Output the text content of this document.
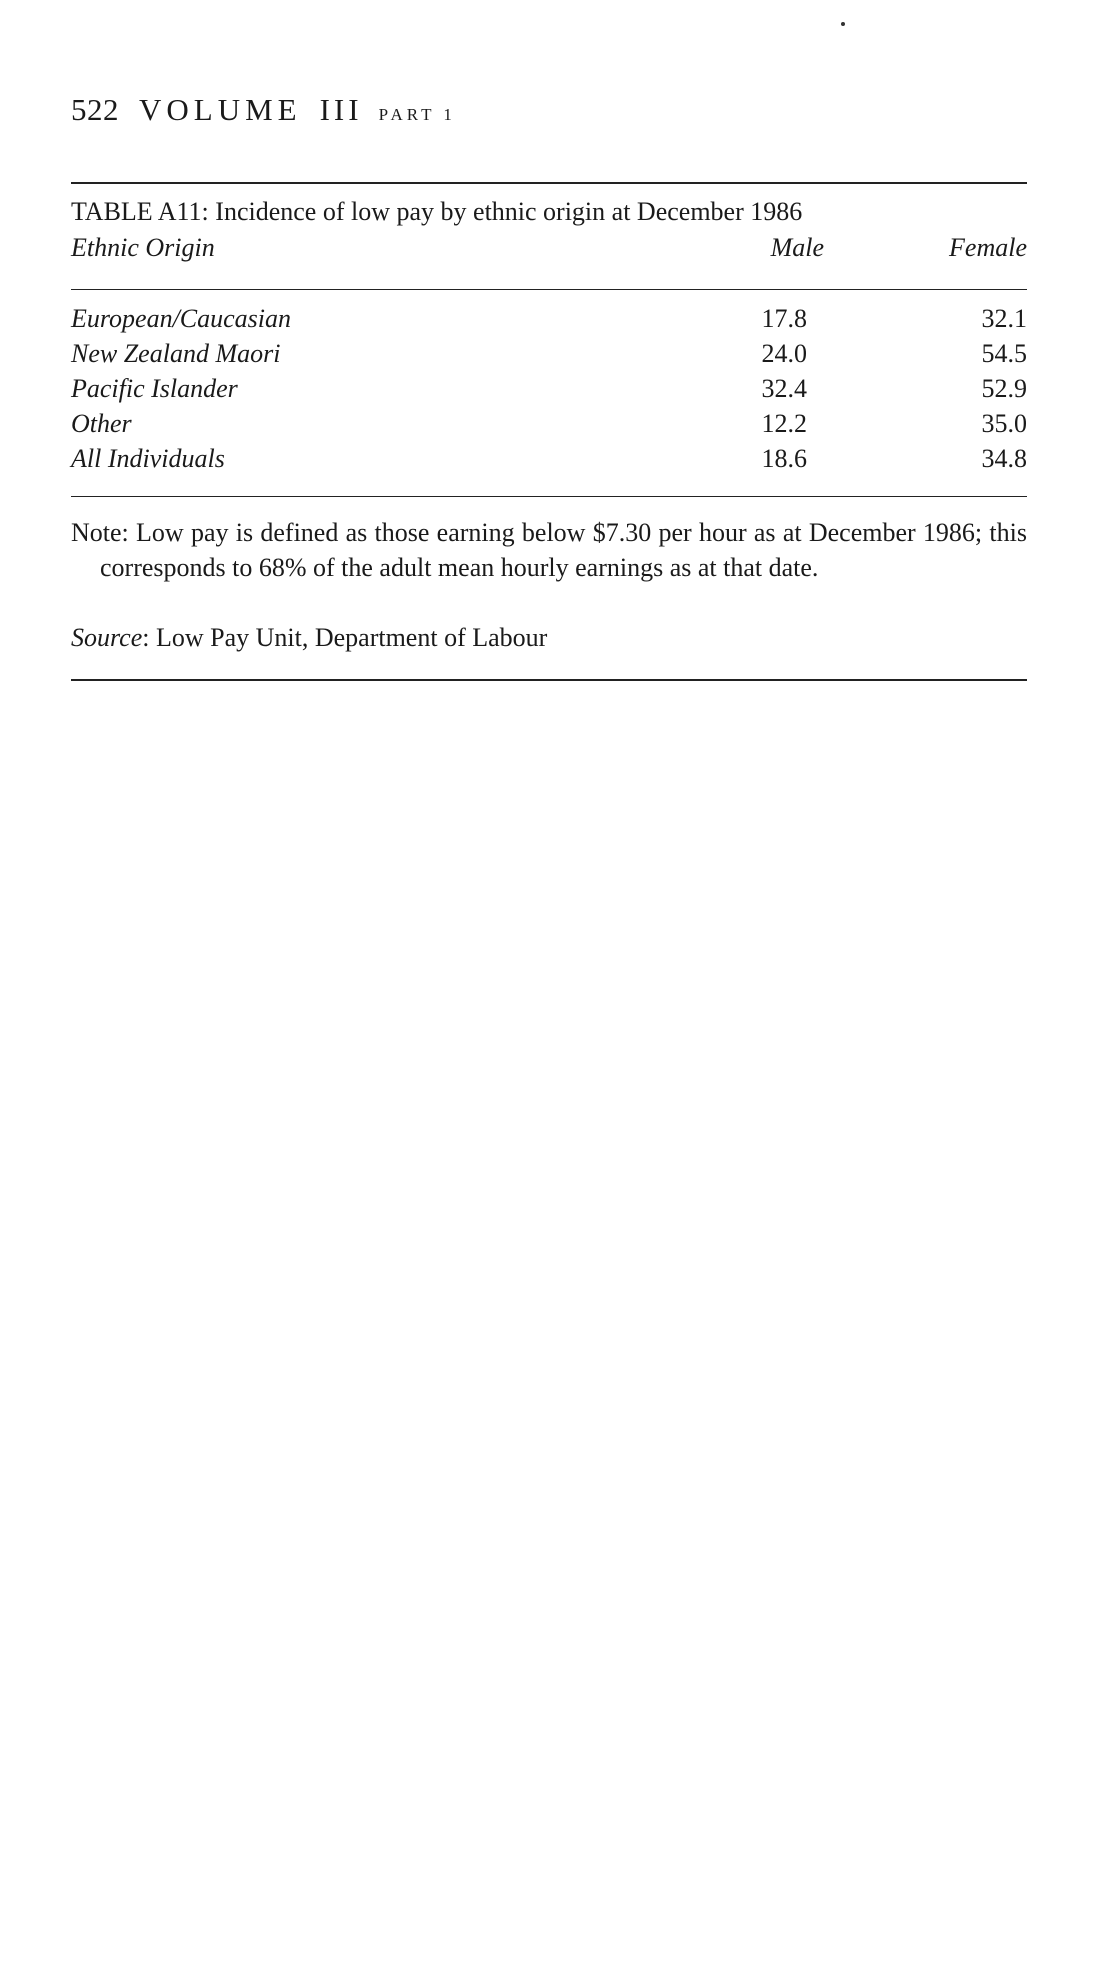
522 VOLUME III PART 1
TABLE A11: Incidence of low pay by ethnic origin at December 1986
Ethnic Origin	Male	Female
European/Caucasian	17.8	32.1
New Zealand Maori	24.0	54.5
Pacific Islander	32.4	52.9
Other	12.2	35.0
All Individuals	18.6	34.8
Note: Low pay is defined as those earning below $7.30 per hour as at December 1986; this corresponds to 68% of the adult mean hourly earnings as at that date.
Source: Low Pay Unit, Department of Labour
